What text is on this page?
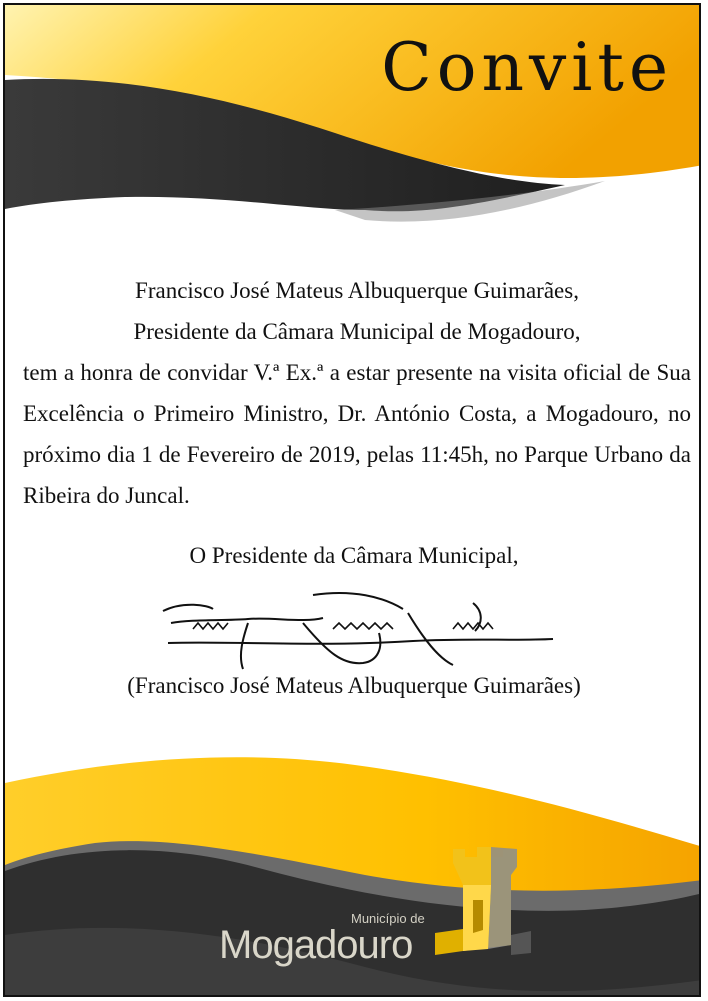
Convite
Francisco José Mateus Albuquerque Guimarães,
Presidente da Câmara Municipal de Mogadouro,
tem a honra de convidar V.ª Ex.ª a estar presente na visita oficial de Sua Excelência o Primeiro Ministro, Dr. António Costa, a Mogadouro, no próximo dia 1 de Fevereiro de 2019, pelas 11:45h, no Parque Urbano da Ribeira do Juncal.
O Presidente da Câmara Municipal,
(Francisco José Mateus Albuquerque Guimarães)
Município de
Mogadouro
